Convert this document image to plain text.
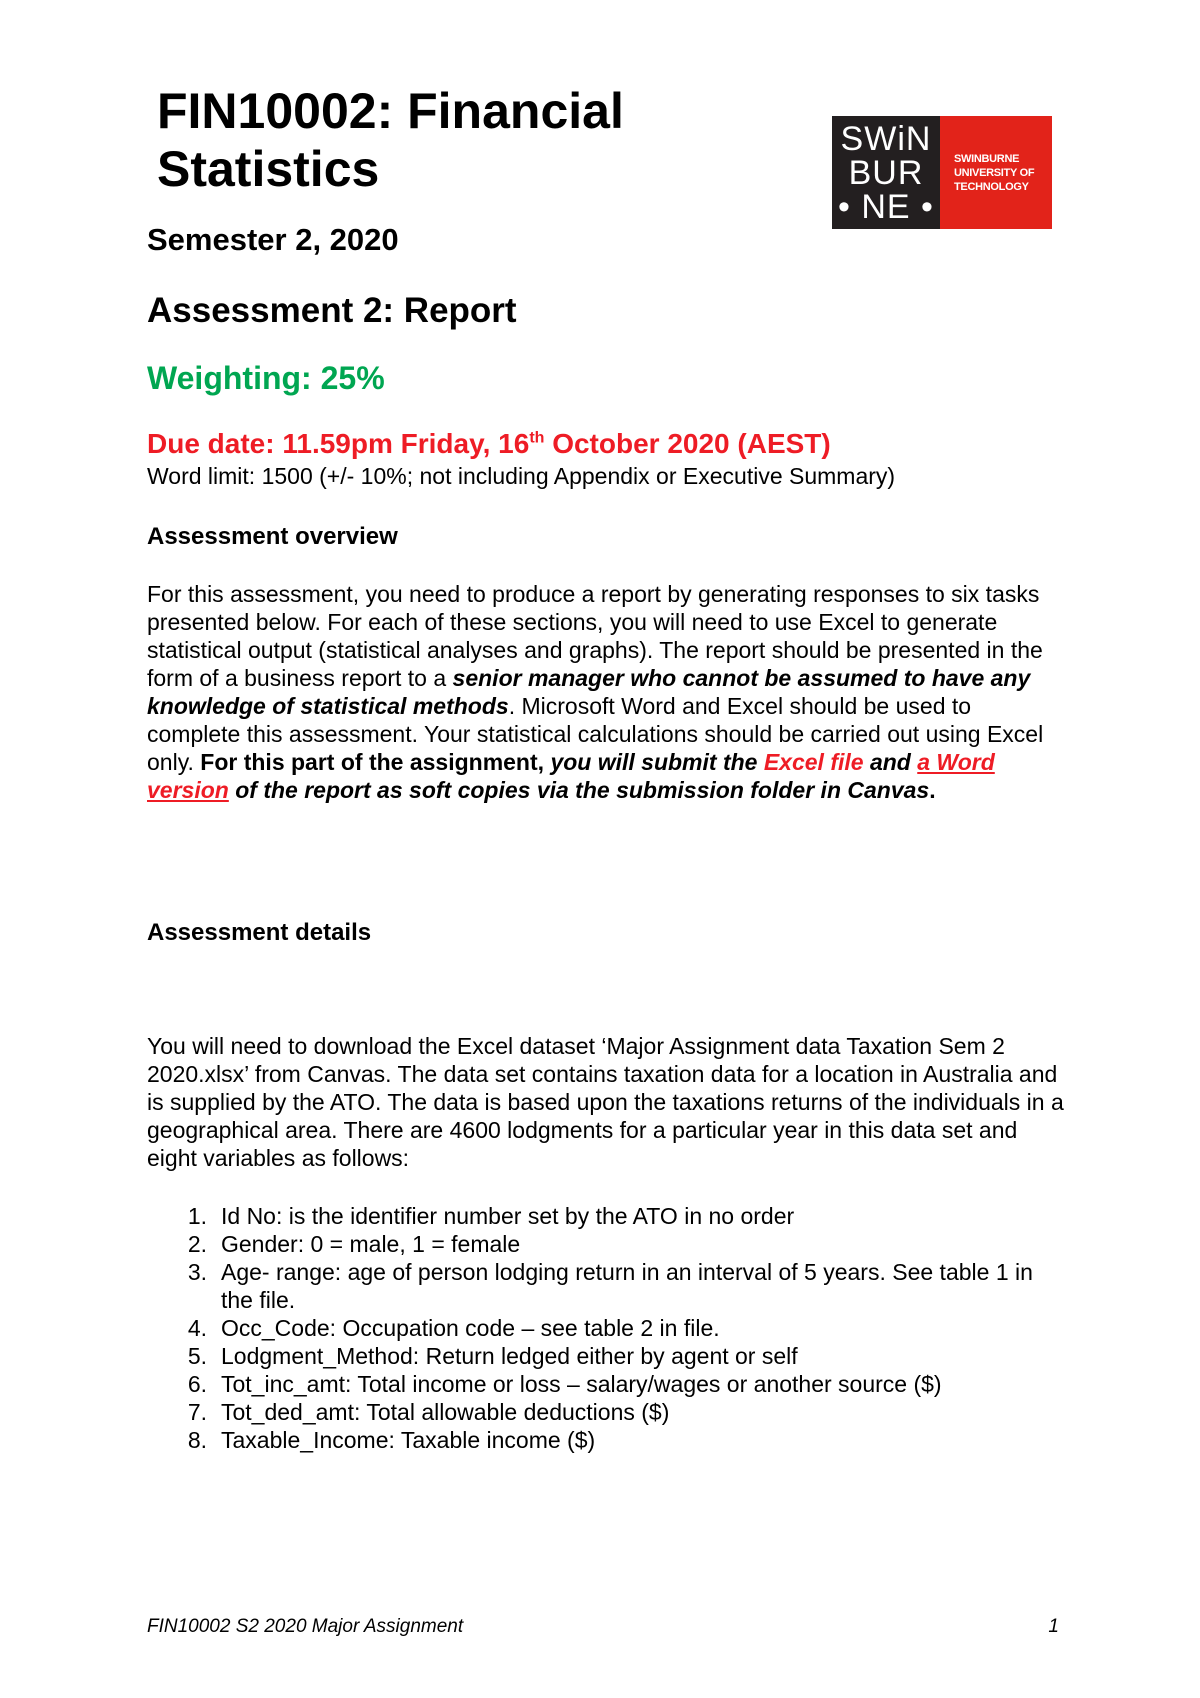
FIN10002: Financial Statistics
SWiN
BUR
• NE •
SWINBURNE
UNIVERSITY OF
TECHNOLOGY

Semester 2, 2020

Assessment 2: Report

Weighting: 25%

Due date: 11.59pm Friday, 16th October 2020 (AEST)

Word limit: 1500 (+/- 10%; not including Appendix or Executive Summary)

Assessment overview

For this assessment, you need to produce a report by generating responses to six tasks presented below. For each of these sections, you will need to use Excel to generate statistical output (statistical analyses and graphs). The report should be presented in the form of a business report to a senior manager who cannot be assumed to have any knowledge of statistical methods. Microsoft Word and Excel should be used to complete this assessment. Your statistical calculations should be carried out using Excel only. For this part of the assignment, you will submit the Excel file and a Word version of the report as soft copies via the submission folder in Canvas.

Assessment details

You will need to download the Excel dataset ‘Major Assignment data Taxation Sem 2 2020.xlsx’ from Canvas. The data set contains taxation data for a location in Australia and is supplied by the ATO. The data is based upon the taxations returns of the individuals in a geographical area. There are 4600 lodgments for a particular year in this data set and eight variables as follows:

1. Id No: is the identifier number set by the ATO in no order
2. Gender: 0 = male, 1 = female
3. Age- range: age of person lodging return in an interval of 5 years. See table 1 in the file.
4. Occ_Code: Occupation code – see table 2 in file.
5. Lodgment_Method: Return ledged either by agent or self
6. Tot_inc_amt: Total income or loss – salary/wages or another source ($)
7. Tot_ded_amt: Total allowable deductions ($)
8. Taxable_Income: Taxable income ($)
FIN10002 S2 2020 Major Assignment	1
